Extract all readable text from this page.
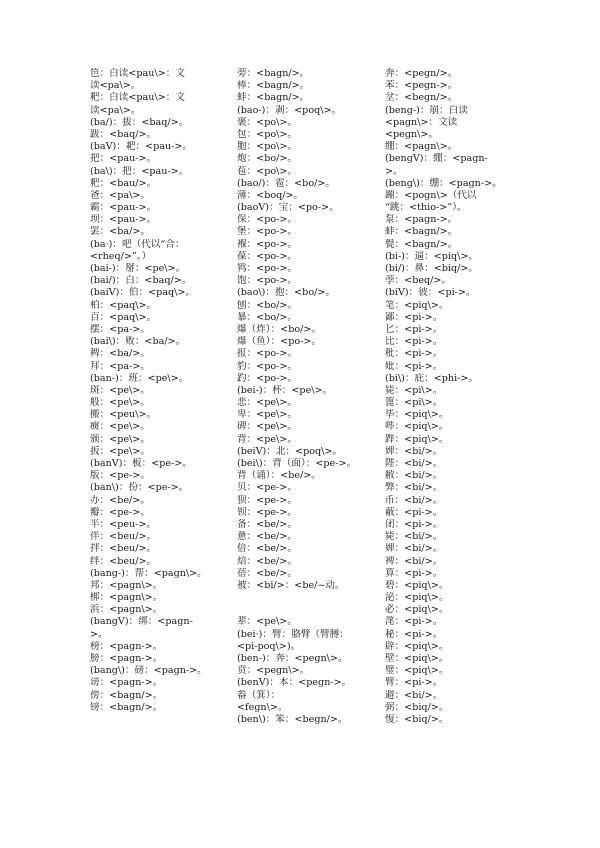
笆：白读<pau\>：文
读<pa\>。
粑：白读<pau\>：文
读<pa\>。
(ba/)：拔：<baq/>。
跋：<baq/>。
(baV)：耙：<pau->。
把：<pau->。
(ba\)：把：<pau->。
粑：<bau/>。
爸：<pa\>。
霸：<pau->。
坝：<pau->。
罢：<ba/>。
(ba·)：吧（代以“合：
<rheq/>”。）
(bai-)：掰：<pe\>。
(bai/)：白：<baq/>。
(baiV)：伯：<paq\>。
柏：<paq\>。
百：<paq\>。
摆：<pa->。
(bai\)：败：<ba/>。
稗：<ba/>。
拜：<pa->。
(ban-)：班：<pe\>。
斑：<pe\>。
般：<pe\>。
搬：<peu\>。
癍：<pe\>。
颁：<pe\>。
扳：<pe\>。
(banV)：板：<pe->。
版：<pe->。
(ban\)：扮：<pe->。
办：<be/>。
瓣：<pe->。
半：<peu->。
伴：<beu/>。
拌：<beu/>。
绊：<beu/>。
(bang-)：帮：<pagn\>。
邦：<pagn\>。
梆：<pagn\>。
浜：<pagn\>。
(bangV)：绑：<pagn-
>。
榜：<pagn->。
膀：<pagn->。
(bang\)：磅：<pagn->。
谤：<pagn->。
傍：<bagn/>。
镑：<bagn/>。
蒡：<bagn/>。
棒：<bagn/>。
蚌：<bagn/>。
(bao-)：剥：<poq\>。
褒：<po\>。
包：<po\>。
胞：<po\>。
炮：<bo/>。
苞：<po\>。
(bao/)：雹：<bo/>。
薄：<boq/>。
(baoV)：宝：<po->。
保：<po->。
堡：<po->。
褓：<po->。
葆：<po->。
鸨：<po->。
饱：<po->。
(bao\)：抱：<bo/>。
刨：<bo/>。
暴：<bo/>。
爆（炸）：<bo/>。
爆（鱼）：<po->。
报：<po->。
豹：<po->。
趵：<po->。
(bei-)：杯：<pe\>。
悲：<pe\>。
卑：<pe\>。
碑：<pe\>。
背：<pe\>。
(beiV)：北：<poq\>。
(bei\)：背（面）：<pe->。
背（诵）：<be/>。
贝：<pe->。
狈：<pe->。
钡：<pe->。
备：<be/>。
惫：<be/>。
倍：<be/>。
焙：<be/>。
蓓：<be/>。
被：<bi/>：<be/~动。
辈：<pe\>。
(bei·)：臂：胳臂（臂膊：
<pi-poq\>)。
(ben-)：奔：<pegn\>。
贲：<pegn\>。
(benV)：本：<pegn->。
畚（箕）：
<fegn\>。
(ben\)：笨：<begn/>。
奔：<pegn/>。
苯：<pegn->。
坌：<begn/>。
(beng-)：崩：白读
<pagn\>：文读
<pegn\>。
绷：<pagn\>。
(bengV)：绷：<pagn-
>。
(beng\)：绷：<pagn->。
蹦：<pogn\>（代以
“跳：<thio->”）。
泵：<pagn->。
蚌：<bagn/>。
甏：<bagn/>。
(bi-)：逼：<piq\>。
(bi/)：鼻：<biq/>。
荸：<beq/>。
(biV)：彼：<pi->。
笔：<piq\>。
鄙：<pi->。
匕：<pi->。
比：<pi->。
秕：<pi->。
妣：<pi->。
(bi\)：庇：<phi->。
毙：<pi\>。
篦：<pi\>。
毕：<piq\>。
哔：<piq\>。
跸：<piq\>。
婢：<bi/>。
陛：<bi/>。
敝：<bi/>。
弊：<bi/>。
币：<bi/>。
蔽：<pi->。
闭：<pi->。
毙：<bi/>。
婢：<bi/>。
裨：<bi/>。
算：<pi->。
碧：<piq\>。
泌：<piq\>。
必：<piq\>。
滗：<pi->。
秘：<pi->。
辟：<piq\>。
壁：<piq\>。
璧：<piq\>。
臂：<pi->。
避：<bi/>。
弼：<biq/>。
愎：<biq/>。
